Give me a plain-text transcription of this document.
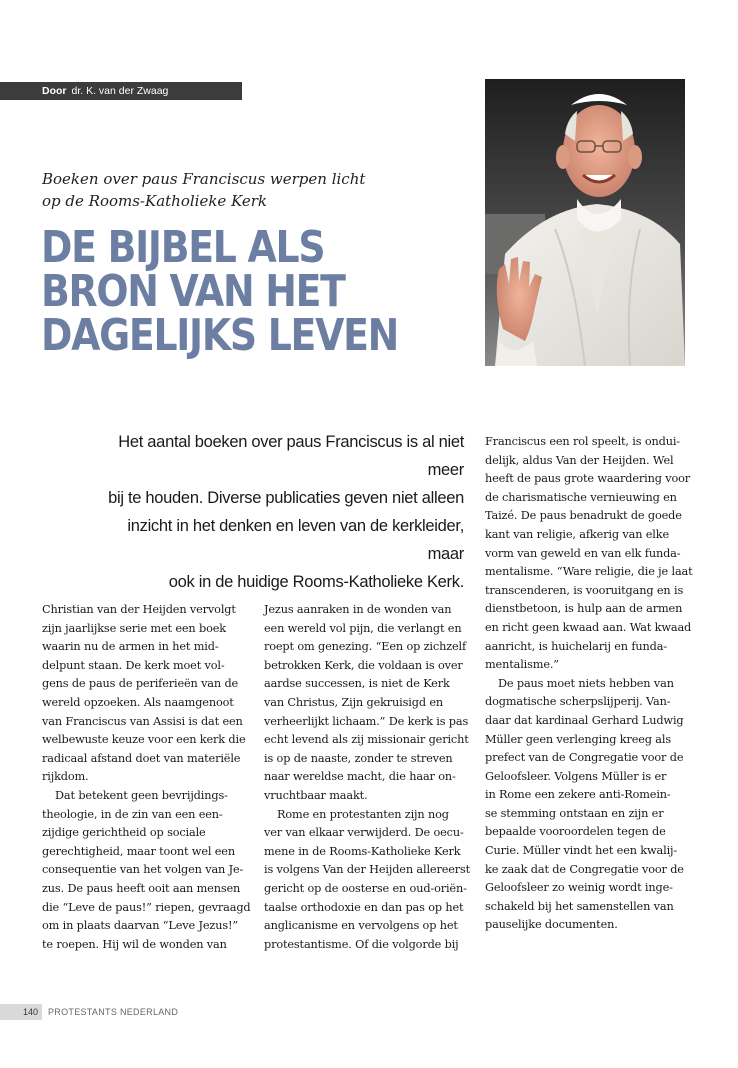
Door dr. K. van der Zwaag
Boeken over paus Franciscus werpen licht
op de Rooms-Katholieke Kerk
DE BIJBEL ALS
BRON VAN HET
DAGELIJKS LEVEN
Het aantal boeken over paus Franciscus is al niet meer
bij te houden. Diverse publicaties geven niet alleen
inzicht in het denken en leven van de kerkleider, maar
ook in de huidige Rooms-Katholieke Kerk.
Christian van der Heijden vervolgt
zijn jaarlijkse serie met een boek
waarin nu de armen in het mid-
delpunt staan. De kerk moet vol-
gens de paus de periferieën van de
wereld opzoeken. Als naamgenoot
van Franciscus van Assisi is dat een
welbewuste keuze voor een kerk die
radicaal afstand doet van materiële
rijkdom.
Dat betekent geen bevrijdings-
theologie, in de zin van een een-
zijdige gerichtheid op sociale
gerechtigheid, maar toont wel een
consequentie van het volgen van Je-
zus. De paus heeft ooit aan mensen
die “Leve de paus!” riepen, gevraagd
om in plaats daarvan “Leve Jezus!”
te roepen. Hij wil de wonden van
Jezus aanraken in de wonden van
een wereld vol pijn, die verlangt en
roept om genezing. “Een op zichzelf
betrokken Kerk, die voldaan is over
aardse successen, is niet de Kerk
van Christus, Zijn gekruisigd en
verheerlijkt lichaam.” De kerk is pas
echt levend als zij missionair gericht
is op de naaste, zonder te streven
naar wereldse macht, die haar on-
vruchtbaar maakt.
Rome en protestanten zijn nog
ver van elkaar verwijderd. De oecu-
mene in de Rooms-Katholieke Kerk
is volgens Van der Heijden allereerst
gericht op de oosterse en oud-oriën-
taalse orthodoxie en dan pas op het
anglicanisme en vervolgens op het
protestantisme. Of die volgorde bij
Franciscus een rol speelt, is ondui-
delijk, aldus Van der Heijden. Wel
heeft de paus grote waardering voor
de charismatische vernieuwing en
Taizé. De paus benadrukt de goede
kant van religie, afkerig van elke
vorm van geweld en van elk funda-
mentalisme. “Ware religie, die je laat
transcenderen, is vooruitgang en is
dienstbetoon, is hulp aan de armen
en richt geen kwaad aan. Wat kwaad
aanricht, is huichelarij en funda-
mentalisme.”
De paus moet niets hebben van
dogmatische scherpslijperij. Van-
daar dat kardinaal Gerhard Ludwig
Müller geen verlenging kreeg als
prefect van de Congregatie voor de
Geloofsleer. Volgens Müller is er
in Rome een zekere anti-Romein-
se stemming ontstaan en zijn er
bepaalde vooroordelen tegen de
Curie. Müller vindt het een kwalij-
ke zaak dat de Congregatie voor de
Geloofsleer zo weinig wordt inge-
schakeld bij het samenstellen van
pauselijke documenten.
140 PROTESTANTS NEDERLAND
